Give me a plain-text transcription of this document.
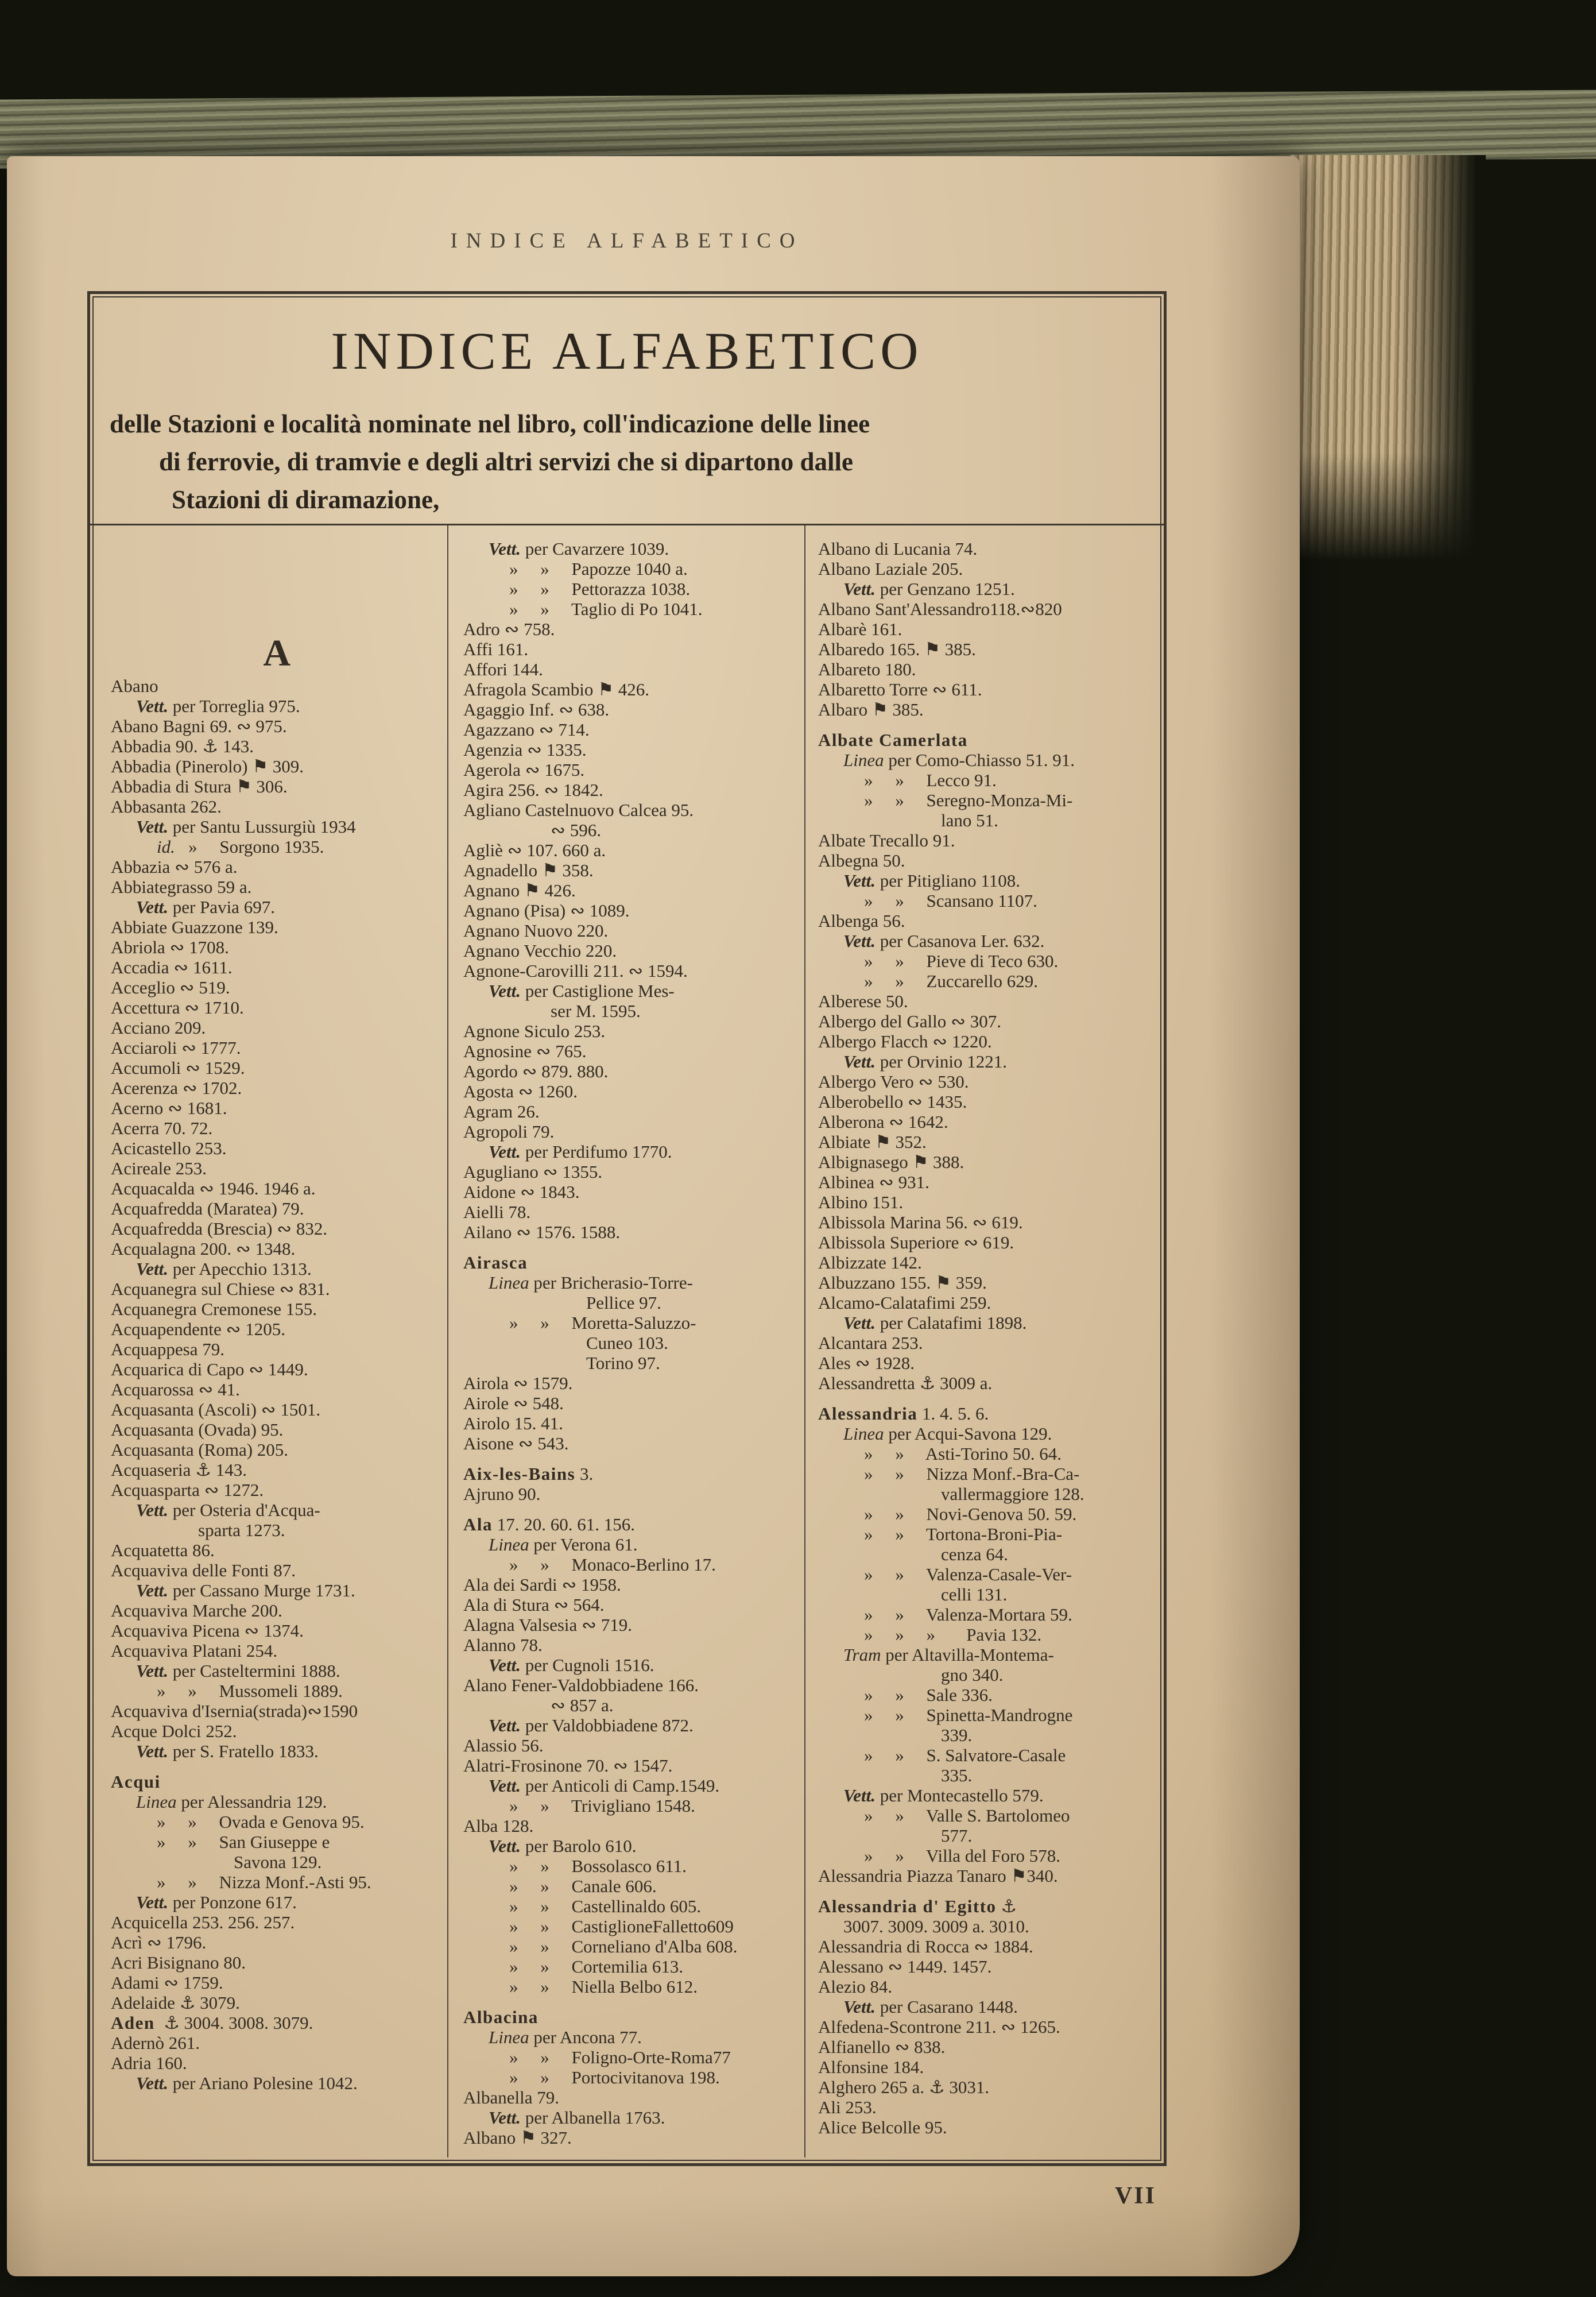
INDICE ALFABETICO
INDICE ALFABETICO
delle Stazioni e località nominate nel libro, coll'indicazione delle linee
di ferrovie, di tramvie e degli altri servizi che si dipartono dalle
Stazioni di diramazione,
A
Abano
Vett. per Torreglia 975.
Abano Bagni 69. ∾ 975.
Abbadia 90. ⚓ 143.
Abbadia (Pinerolo) ⚑ 309.
Abbadia di Stura ⚑ 306.
Abbasanta 262.
Vett. per Santu Lussurgiù 1934
id.   »     Sorgono 1935.
Abbazia ∾ 576 a.
Abbiategrasso 59 a.
Vett. per Pavia 697.
Abbiate Guazzone 139.
Abriola ∾ 1708.
Accadia ∾ 1611.
Acceglio ∾ 519.
Accettura ∾ 1710.
Acciano 209.
Acciaroli ∾ 1777.
Accumoli ∾ 1529.
Acerenza ∾ 1702.
Acerno ∾ 1681.
Acerra 70. 72.
Acicastello 253.
Acireale 253.
Acquacalda ∾ 1946. 1946 a.
Acquafredda (Maratea) 79.
Acquafredda (Brescia) ∾ 832.
Acqualagna 200. ∾ 1348.
Vett. per Apecchio 1313.
Acquanegra sul Chiese ∾ 831.
Acquanegra Cremonese 155.
Acquapendente ∾ 1205.
Acquappesa 79.
Acquarica di Capo ∾ 1449.
Acquarossa ∾ 41.
Acquasanta (Ascoli) ∾ 1501.
Acquasanta (Ovada) 95.
Acquasanta (Roma) 205.
Acquaseria ⚓ 143.
Acquasparta ∾ 1272.
Vett. per Osteria d'Acqua-
sparta 1273.
Acquatetta 86.
Acquaviva delle Fonti 87.
Vett. per Cassano Murge 1731.
Acquaviva Marche 200.
Acquaviva Picena ∾ 1374.
Acquaviva Platani 254.
Vett. per Casteltermini 1888.
»     »     Mussomeli 1889.
Acquaviva d'Isernia(strada)∾1590
Acque Dolci 252.
Vett. per S. Fratello 1833.
Acqui
Linea per Alessandria 129.
»     »     Ovada e Genova 95.
»     »     San Giuseppe e
Savona 129.
»     »     Nizza Monf.-Asti 95.
Vett. per Ponzone 617.
Acquicella 253. 256. 257.
Acrì ∾ 1796.
Acri Bisignano 80.
Adami ∾ 1759.
Adelaide ⚓ 3079.
Aden  ⚓ 3004. 3008. 3079.
Adernò 261.
Adria 160.
Vett. per Ariano Polesine 1042.
Vett. per Cavarzere 1039.
»     »     Papozze 1040 a.
»     »     Pettorazza 1038.
»     »     Taglio di Po 1041.
Adro ∾ 758.
Affi 161.
Affori 144.
Afragola Scambio ⚑ 426.
Agaggio Inf. ∾ 638.
Agazzano ∾ 714.
Agenzia ∾ 1335.
Agerola ∾ 1675.
Agira 256. ∾ 1842.
Agliano Castelnuovo Calcea 95.
∾ 596.
Agliè ∾ 107. 660 a.
Agnadello ⚑ 358.
Agnano ⚑ 426.
Agnano (Pisa) ∾ 1089.
Agnano Nuovo 220.
Agnano Vecchio 220.
Agnone-Carovilli 211. ∾ 1594.
Vett. per Castiglione Mes-
ser M. 1595.
Agnone Siculo 253.
Agnosine ∾ 765.
Agordo ∾ 879. 880.
Agosta ∾ 1260.
Agram 26.
Agropoli 79.
Vett. per Perdifumo 1770.
Agugliano ∾ 1355.
Aidone ∾ 1843.
Aielli 78.
Ailano ∾ 1576. 1588.
Airasca
Linea per Bricherasio-Torre-
Pellice 97.
»     »     Moretta-Saluzzo-
Cuneo 103.
Torino 97.
Airola ∾ 1579.
Airole ∾ 548.
Airolo 15. 41.
Aisone ∾ 543.
Aix-les-Bains 3.
Ajruno 90.
Ala 17. 20. 60. 61. 156.
Linea per Verona 61.
»     »     Monaco-Berlino 17.
Ala dei Sardi ∾ 1958.
Ala di Stura ∾ 564.
Alagna Valsesia ∾ 719.
Alanno 78.
Vett. per Cugnoli 1516.
Alano Fener-Valdobbiadene 166.
∾ 857 a.
Vett. per Valdobbiadene 872.
Alassio 56.
Alatri-Frosinone 70. ∾ 1547.
Vett. per Anticoli di Camp.1549.
»     »     Trivigliano 1548.
Alba 128.
Vett. per Barolo 610.
»     »     Bossolasco 611.
»     »     Canale 606.
»     »     Castellinaldo 605.
»     »     CastiglioneFalletto609
»     »     Corneliano d'Alba 608.
»     »     Cortemilia 613.
»     »     Niella Belbo 612.
Albacina
Linea per Ancona 77.
»     »     Foligno-Orte-Roma77
»     »     Portocivitanova 198.
Albanella 79.
Vett. per Albanella 1763.
Albano ⚑ 327.
Albano di Lucania 74.
Albano Laziale 205.
Vett. per Genzano 1251.
Albano Sant'Alessandro118.∾820
Albarè 161.
Albaredo 165. ⚑ 385.
Albareto 180.
Albaretto Torre ∾ 611.
Albaro ⚑ 385.
Albate Camerlata
Linea per Como-Chiasso 51. 91.
»     »     Lecco 91.
»     »     Seregno-Monza-Mi-
lano 51.
Albate Trecallo 91.
Albegna 50.
Vett. per Pitigliano 1108.
»     »     Scansano 1107.
Albenga 56.
Vett. per Casanova Ler. 632.
»     »     Pieve di Teco 630.
»     »     Zuccarello 629.
Alberese 50.
Albergo del Gallo ∾ 307.
Albergo Flacch ∾ 1220.
Vett. per Orvinio 1221.
Albergo Vero ∾ 530.
Alberobello ∾ 1435.
Alberona ∾ 1642.
Albiate ⚑ 352.
Albignasego ⚑ 388.
Albinea ∾ 931.
Albino 151.
Albissola Marina 56. ∾ 619.
Albissola Superiore ∾ 619.
Albizzate 142.
Albuzzano 155. ⚑ 359.
Alcamo-Calatafimi 259.
Vett. per Calatafimi 1898.
Alcantara 253.
Ales ∾ 1928.
Alessandretta ⚓ 3009 a.
Alessandria 1. 4. 5. 6.
Linea per Acqui-Savona 129.
»     »     Asti-Torino 50. 64.
»     »     Nizza Monf.-Bra-Ca-
vallermaggiore 128.
»     »     Novi-Genova 50. 59.
»     »     Tortona-Broni-Pia-
cenza 64.
»     »     Valenza-Casale-Ver-
celli 131.
»     »     Valenza-Mortara 59.
»     »     »       Pavia 132.
Tram per Altavilla-Montema-
gno 340.
»     »     Sale 336.
»     »     Spinetta-Mandrogne
339.
»     »     S. Salvatore-Casale
335.
Vett. per Montecastello 579.
»     »     Valle S. Bartolomeo
577.
»     »     Villa del Foro 578.
Alessandria Piazza Tanaro ⚑340.
Alessandria d' Egitto ⚓
3007. 3009. 3009 a. 3010.
Alessandria di Rocca ∾ 1884.
Alessano ∾ 1449. 1457.
Alezio 84.
Vett. per Casarano 1448.
Alfedena-Scontrone 211. ∾ 1265.
Alfianello ∾ 838.
Alfonsine 184.
Alghero 265 a. ⚓ 3031.
Ali 253.
Alice Belcolle 95.
VII
